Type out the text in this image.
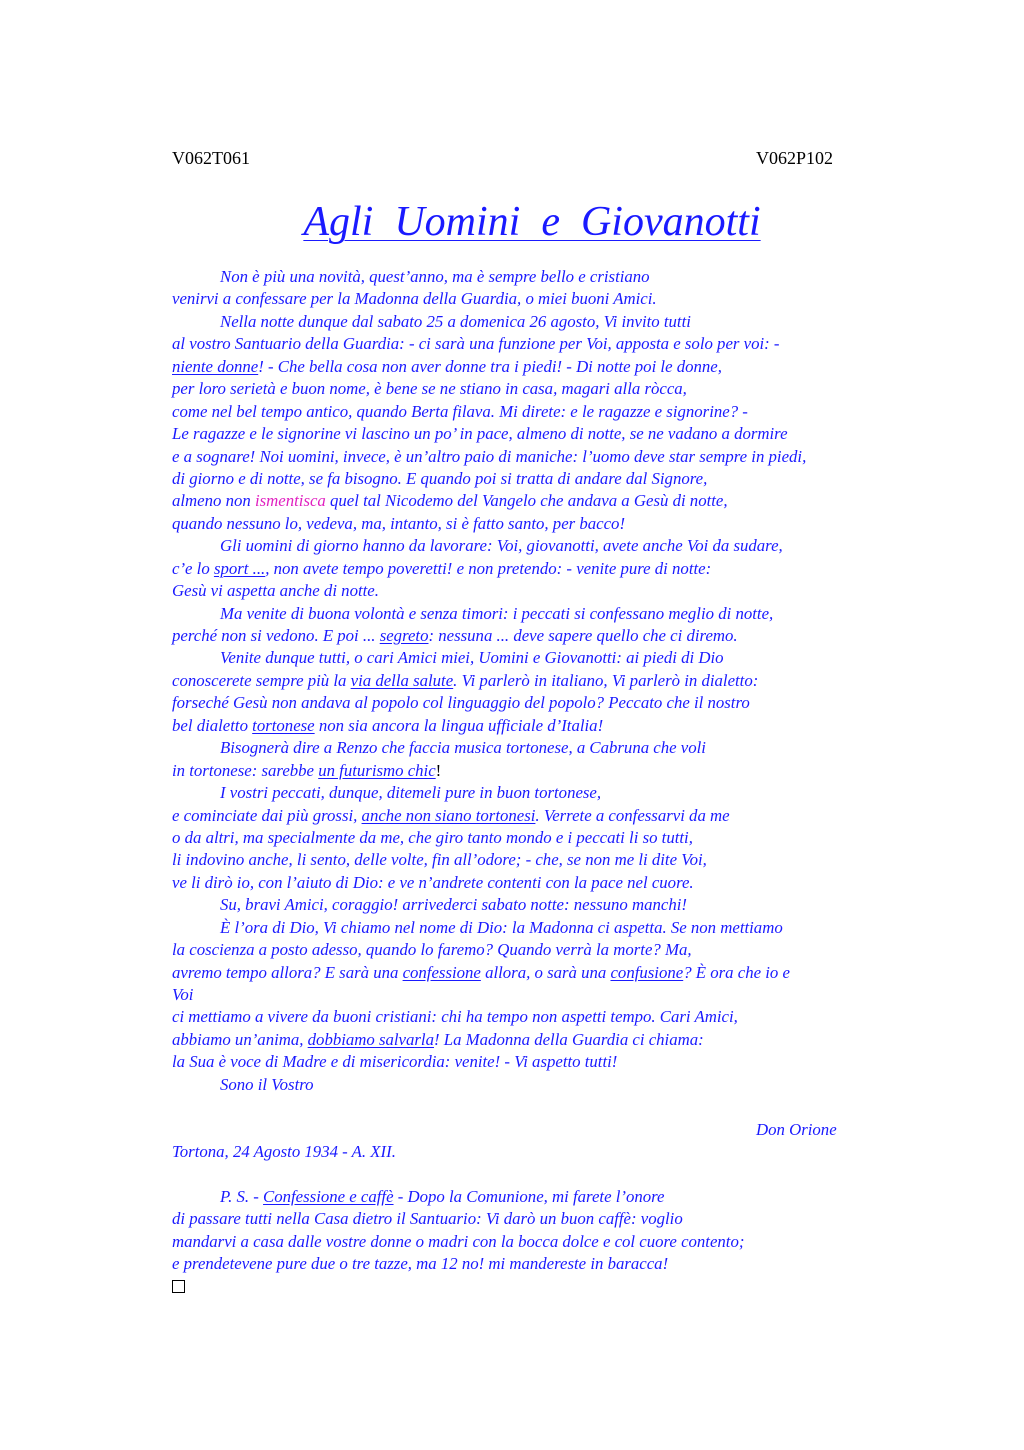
V062T061	V062P102
Agli  Uomini  e  Giovanotti
Non è più una novità, quest’anno, ma è sempre bello e cristiano
venirvi a confessare per la Madonna della Guardia, o miei buoni Amici.
Nella notte dunque dal sabato 25 a domenica 26 agosto, Vi invito tutti
al vostro Santuario della Guardia: - ci sarà una funzione per Voi, apposta e solo per voi: -
niente donne! - Che bella cosa non aver donne tra i piedi! - Di notte poi le donne,
per loro serietà e buon nome, è bene se ne stiano in casa, magari alla ròcca,
come nel bel tempo antico, quando Berta filava. Mi direte: e le ragazze e signorine? -
Le ragazze e le signorine vi lascino un po’ in pace, almeno di notte, se ne vadano a dormire
e a sognare! Noi uomini, invece, è un’altro paio di maniche: l’uomo deve star sempre in piedi,
di giorno e di notte, se fa bisogno. E quando poi si tratta di andare dal Signore,
almeno non ismentisca quel tal Nicodemo del Vangelo che andava a Gesù di notte,
quando nessuno lo, vedeva, ma, intanto, si è fatto santo, per bacco!
Gli uomini di giorno hanno da lavorare: Voi, giovanotti, avete anche Voi da sudare,
c’e lo sport ..., non avete tempo poveretti! e non pretendo: - venite pure di notte:
Gesù vi aspetta anche di notte.
Ma venite di buona volontà e senza timori: i peccati si confessano meglio di notte,
perché non si vedono. E poi ... segreto: nessuna ... deve sapere quello che ci diremo.
Venite dunque tutti, o cari Amici miei, Uomini e Giovanotti: ai piedi di Dio
conoscerete sempre più la via della salute. Vi parlerò in italiano, Vi parlerò in dialetto:
forseché Gesù non andava al popolo col linguaggio del popolo? Peccato che il nostro
bel dialetto tortonese non sia ancora la lingua ufficiale d’Italia!
Bisognerà dire a Renzo che faccia musica tortonese, a Cabruna che voli
in tortonese: sarebbe un futurismo chic!
I vostri peccati, dunque, ditemeli pure in buon tortonese,
e cominciate dai più grossi, anche non siano tortonesi. Verrete a confessarvi da me
o da altri, ma specialmente da me, che giro tanto mondo e i peccati li so tutti,
li indovino anche, li sento, delle volte, fin all’odore; - che, se non me li dite Voi,
ve li dirò io, con l’aiuto di Dio: e ve n’andrete contenti con la pace nel cuore.
Su, bravi Amici, coraggio! arrivederci sabato notte: nessuno manchi!
È l’ora di Dio, Vi chiamo nel nome di Dio: la Madonna ci aspetta. Se non mettiamo
la coscienza a posto adesso, quando lo faremo? Quando verrà la morte? Ma,
avremo tempo allora? E sarà una confessione allora, o sarà una confusione? È ora che io e
Voi
ci mettiamo a vivere da buoni cristiani: chi ha tempo non aspetti tempo. Cari Amici,
abbiamo un’anima, dobbiamo salvarla! La Madonna della Guardia ci chiama:
la Sua è voce di Madre e di misericordia: venite! - Vi aspetto tutti!
Sono il Vostro
Don Orione
Tortona, 24 Agosto 1934 - A. XII.
P. S. - Confessione e caffè - Dopo la Comunione, mi farete l’onore
di passare tutti nella Casa dietro il Santuario: Vi darò un buon caffè: voglio
mandarvi a casa dalle vostre donne o madri con la bocca dolce e col cuore contento;
e prendetevene pure due o tre tazze, ma 12 no! mi mandereste in baracca!
